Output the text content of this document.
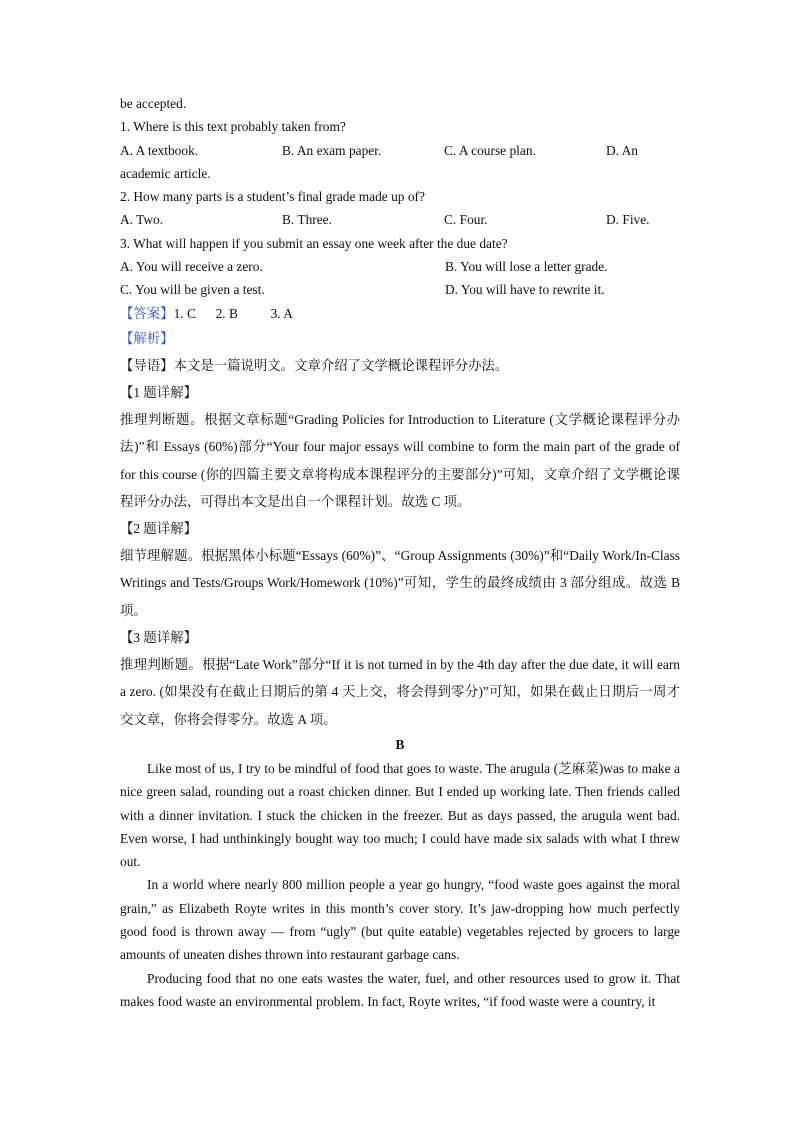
be accepted.
1. Where is this text probably taken from?
A. A textbook.	B. An exam paper.	C. A course plan.	D. An
academic article.
2. How many parts is a student’s final grade made up of?
A. Two.	B. Three.	C. Four.	D. Five.
3. What will happen if you submit an essay one week after the due date?
A. You will receive a zero.	B. You will lose a letter grade.
C. You will be given a test.	D. You will have to rewrite it.
【答案】1. C 2. B 3. A
【解析】
【导语】本文是一篇说明文。文章介绍了文学概论课程评分办法。
【1 题详解】

推理判断题。根据文章标题“Grading Policies for Introduction to Literature (文学概论课程评分办法)”和 Essays (60%)部分“Your four major essays will combine to form the main part of the grade of for this course (你的四篇主要文章将构成本课程评分的主要部分)”可知，文章介绍了文学概论课程评分办法，可得出本文是出自一个课程计划。故选 C 项。

【2 题详解】

细节理解题。根据黑体小标题“Essays (60%)”、“Group Assignments (30%)”和“Daily Work/In-Class Writings and Tests/Groups Work/Homework (10%)”可知，学生的最终成绩由 3 部分组成。故选 B 项。

【3 题详解】

推理判断题。根据“Late Work”部分“If it is not turned in by the 4th day after the due date, it will earn a zero. (如果没有在截止日期后的第 4 天上交，将会得到零分)”可知，如果在截止日期后一周才交文章，你将会得零分。故选 A 项。

B

Like most of us, I try to be mindful of food that goes to waste. The arugula (芝麻菜)was to make a nice green salad, rounding out a roast chicken dinner. But I ended up working late. Then friends called with a dinner invitation. I stuck the chicken in the freezer. But as days passed, the arugula went bad. Even worse, I had unthinkingly bought way too much; I could have made six salads with what I threw out.

In a world where nearly 800 million people a year go hungry, “food waste goes against the moral grain,” as Elizabeth Royte writes in this month’s cover story. It’s jaw-dropping how much perfectly good food is thrown away — from “ugly” (but quite eatable) vegetables rejected by grocers to large amounts of uneaten dishes thrown into restaurant garbage cans.

Producing food that no one eats wastes the water, fuel, and other resources used to grow it. That makes food waste an environmental problem. In fact, Royte writes, “if food waste were a country, it
